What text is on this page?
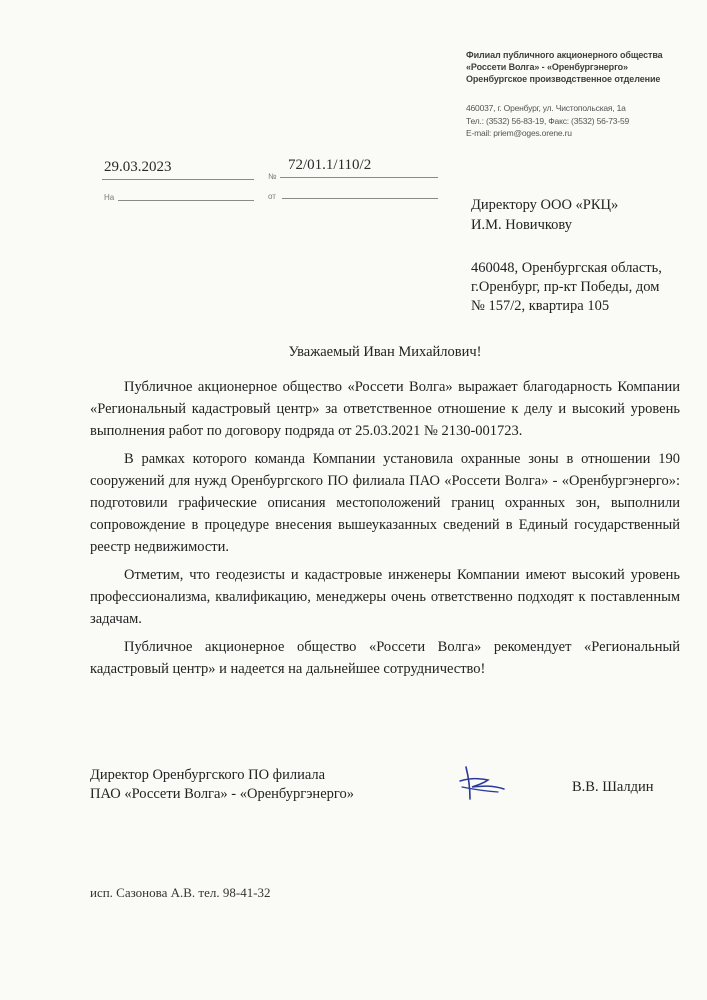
Филиал публичного акционерного общества
«Россети Волга» - «Оренбургэнерго»
Оренбургское производственное отделение
460037, г. Оренбург, ул. Чистопольская, 1а
Тел.: (3532) 56-83-19, Факс: (3532) 56-73-59
E-mail: priem@oges.orene.ru
29.03.2023
№
72/01.1/110/2
На	от
Директору ООО «РКЦ»
И.М. Новичкову
460048, Оренбургская область,
г.Оренбург, пр-кт Победы, дом
№ 157/2, квартира 105
Уважаемый Иван Михайлович!

Публичное акционерное общество «Россети Волга» выражает благодарность Компании «Региональный кадастровый центр» за ответственное отношение к делу и высокий уровень выполнения работ по договору подряда от 25.03.2021 № 2130-001723.

В рамках которого команда Компании установила охранные зоны в отношении 190 сооружений для нужд Оренбургского ПО филиала ПАО «Россети Волга» - «Оренбургэнерго»: подготовили графические описания местоположений границ охранных зон, выполнили сопровождение в процедуре внесения вышеуказанных сведений в Единый государственный реестр недвижимости.

Отметим, что геодезисты и кадастровые инженеры Компании имеют высокий уровень профессионализма, квалификацию, менеджеры очень ответственно подходят к поставленным задачам.

Публичное акционерное общество «Россети Волга» рекомендует «Региональный кадастровый центр» и надеется на дальнейшее сотрудничество!

Директор Оренбургского ПО филиала
ПАО «Россети Волга» - «Оренбургэнерго»	В.В. Шалдин
исп. Сазонова А.В. тел. 98-41-32
